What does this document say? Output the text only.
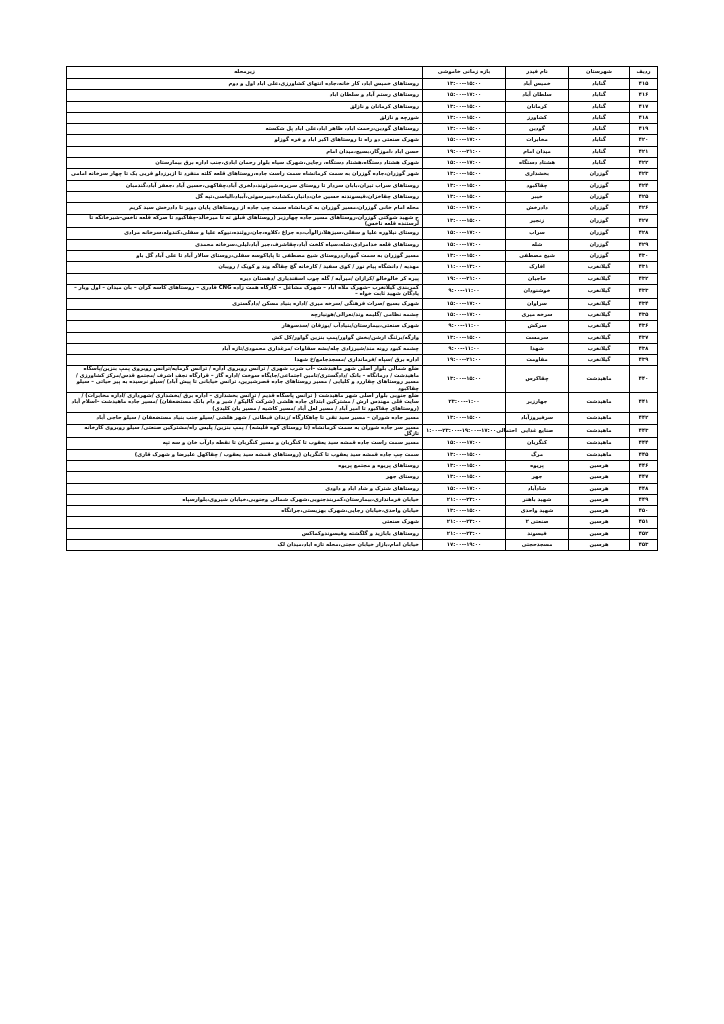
ردیف	شهرستان	نام فیدر	بازه زمانی خاموشی	زیرمحله
۴۱۵	گناباد	خمیس آباد	۱۳:۰۰--۱۵:۰۰	روستاهای خمیس اباد، کار خانه،جاده انتهای کشاورزی،علی اباد اول و دوم
۴۱۶	گناباد	سلطان آباد	۱۵:۰۰--۱۷:۰۰	روستاهای رستم آباد و سلطان اباد
۴۱۷	گناباد	کرمانان	۱۳:۰۰--۱۵:۰۰	روستاهای کرمانان و نازلق
۴۱۸	گناباد	کشاورز	۱۳:۰۰--۱۵:۰۰	شورچه و نازلق
۴۱۹	گناباد	گودین	۱۳:۰۰--۱۵:۰۰	روستاهای گودین،رحمت اباد، ظاهر اباد،علی اباد پل شکسته
۴۲۰	گناباد	مخابرات	۱۵:۰۰--۱۷:۰۰	شهرک صنعتی دو راه تا روستاهای اکبر اباد و فره گوزلو
۴۲۱	گناباد	میدان امام	۱۹:۰۰--۲۱:۰۰	حسن اباد ،اموزگار،بسیج،میدان امام
۴۲۲	گناباد	هشتاد دستگاه	۱۵:۰۰--۱۷:۰۰	شهرک هشتاد دستگاه،هشتاد دستگاه، رجایی،شهرک سیاه بلوار رحمان ابادی،جنب اداره برق بیمارستان
۴۲۳	گوزران	بخشداری	۱۳:۰۰--۱۵:۰۰	شهر گوزران،جاده گوزران به سمت کرمانشاه سمت راست جاده،روستاهای قلعه کلته منفرد تا ازبرزدلو قربی یک تا چهار سرخانه امامی
۴۲۴	گوزران	چقاکبود	۱۳:۰۰--۱۵:۰۰	روستاهای سراب تیران،بابان سردار تا روستای سریره،شیرئوند،دلخری آباد،چقاکهی،حسین آباد ،جعفر آباد،گندمبان
۴۲۵	گوزران	خیبر	۱۳:۰۰--۱۵:۰۰	روستاهای چقاخزان،قیسوندنه حسین خان،دانیار،مکشاد،خیبرسوئی،آبباد،الیاسی،تپه گل
۴۲۶	گوزران	دادرخش	۱۵:۰۰--۱۷:۰۰	محله امام خانی گوزران،مسیر گوزران به کرمانشاه سمت چپ جاده از روستاهای پایان دوپر تا دادرخش سید کریم
۴۲۷	گوزران	زنجیر	۱۳:۰۰--۱۵:۰۰	ج شهید شوکتی گوزران،روستاهای مسیر جاده چهارزبر (روستاهای قبلق ته تا میرخالد-چقاکبود تا صرکه قلعه ناخس-شیرخانگه تا لرستنده قلعه ناخس)
۴۲۸	گوزران	سراب	۱۵:۰۰--۱۷:۰۰	روستای نیلاوره علیا و سفلی،سیزهلا،زالوآب،ده جراغ ،کلاوه،جان،روئنده،نیوکه علیا و سفلی،کندوله،سرخانه مرادی
۴۲۹	گوزران	شله	۱۵:۰۰--۱۷:۰۰	روستاهای قلعه خدامرادی،شله،سیاه کلخت آباد،چقاشرف،جبر آباد،لیلی،سرخانه محمدی
۴۳۰	گوزران	شیخ مصطفی	۱۳:۰۰--۱۵:۰۰	مسیر گوزران به سمت گیوداردروستای شیخ مصطفی تا پایاکوسه سفلی،روستای سالار آباد تا علی آباد گل باو
۴۳۱	گیلانغرب	افارک	۱۱:۰۰--۱۳:۰۰	مهدیه / دانشگاه پیام نور / کوی سفید / کارخانه گچ چقاگه وند و کویک / رویبان
۴۳۲	گیلانغرب	حاجیان	۱۹:۰۰--۲۱:۰۰	پیره کر خالوخالو /کرازان /میرآبه / گله چوب اسفندیاری /دهستان دیره
۴۳۳	گیلانغرب	خوشنودان	۹:۰۰--۱۱:۰۰	کمربندی گیلانغرب –شهرک ملاه آباد – شهرک مشاغل – کارگاه همت زاده CNG قادری – روستاهای کاسه گران – بان میدان – اول وبار – یادگان شهید ثابت خواه –
۴۳۴	گیلانغرب	سراوان	۱۵:۰۰--۱۷:۰۰	شهرک بسیج /صرات فرهنگی /سرخه میری /اداره بنیاد مسکن /دادگستری
۴۳۵	گیلانغرب	سرخه میری	۱۵:۰۰--۱۷:۰۰	چشمه نظامی /گلیمه وند/نعرالی/هونیارچه
۴۳۶	گیلانغرب	سرکش	۹:۰۰--۱۱:۰۰	شهرک صنعتی،بیمارستان/بنیادآب /بوزقان /سدسوهار
۴۳۷	گیلانغرب	سرمست	۱۳:۰۰--۱۵:۰۰	وارگه/برئنگ ارشن/بخش گواور/پمپ بنزین گواور/کل کش
۴۳۸	گیلانغرب	شهدا	۹:۰۰--۱۱:۰۰	چشمه کبود رونه مند/شیرزادی چله/بشه سقاوات /مرغداری محمودی/تازه آباد
۴۳۹	گیلانغرب	مقاومت	۱۹:۰۰--۲۱:۰۰	اداره برق /سپاه /فرمانداری /مسجدجامع/خ شهدا
۴۴۰	ماهیدشت	چقاکرس	۱۳:۰۰--۱۵:۰۰	ضلع شمالی بلوار اصلی شهر ماهیدشت –آب شرب شهری / ترانس روبروی اداره / ترانس گرمایه/ترانس روبروی پمپ بنزین/پاسگاه ماهیدشت / درمانگاه – بانک /دادگستری/تامین اجتماعی/جایگاه سوخت /اداره گاز – قرارگاه نجف اشرف /مجتمع قدس/مرکز کشاورزی / مسیر روستاهای چقاررد و کلیایی / مسیر روستاهای جاده قصرشیرین، ترانس خیابانی تا پیش آباد) /سیلو نرسیده به پیر حیاتی – سیلو چقاکبود
۴۴۱	ماهیدشت	جهارزبر	۲۳:۰۰--۱:۰۰	ضلع جنوبی بلوار اصلی شهر ماهیدشت ( ترانس پاسگاه قدیم / ترانس بخشداری – اداره برق /بخشداری /شهرداری /اداره مخابرات) /سایت قلی مهندس ارش / مشترکین ابتدای جاده هلشی (شرکت گالیکو / شیر و دام بانک مستضعفان) /مسیر جاده ماهیدشت –اسلام آباد (روستاهای چقاکبود تا امیر آباد / مسیر لعل آباد /مسیر کاشیه / مسیر بان کلیدی)
۴۴۲	ماهیدشت	سرفیروزآباد	۱۳:۰۰--۱۵:۰۰	مسیر جاده شوران – مسیر سید نقی تا چاهکارگاه /زندان قبطانی / شهر هلشی /سیلو جنب بنیاد مستضعفان / سیلو حاجی آباد
۴۴۳	ماهیدشت	صنایع غذایی	احتمالی۱۷:۰۰--۱۹:۰۰--۲۳:۰۰--۱:۰۰	مسیر سر جاده شوران به سمت کرمانشاه (تا روستای کوه قلیشه) / پمپ بنزین/ پلیس راه/مشترکین صنعتی/ سیلو روبروی کارخانه تازگل
۴۴۴	ماهیدشت	کنگربان	۱۵:۰۰--۱۷:۰۰	مسیر سمت راست جاده قمشه سید یعقوب تا کنگربان و مسیر کنگربان تا نقطه دارآب خان و سه تپه
۴۴۵	ماهیدشت	مرگ	۱۳:۰۰--۱۵:۰۰	سمت چپ جاده قمشه سید یعقوب تا کنگربان (روستاهای قمشه سید یعقوب / چقاکهل علیرضا و شهرک قاری)
۴۴۶	هرسین	پریوه	۱۳:۰۰--۱۵:۰۰	روستاهای پریوه و مجتمع پریوه
۴۴۷	هرسین	جهر	۱۳:۰۰--۱۵:۰۰	روستای جهر
۴۴۸	هرسین	شادآباد	۱۵:۰۰--۱۷:۰۰	روستاهای شترک و شاد اباد و داودی
۴۴۹	هرسین	شهید باهنر	۲۱:۰۰--۲۳:۰۰	خیابان فرمانداری،بیمارستان،کمربندجنوبی،شهرک شمالی وجنوبی،خیابان شیروی،بلوارسپاه
۴۵۰	هرسین	شهید واحدی	۱۳:۰۰--۱۵:۰۰	خیابان واحدی،خیابان رجایی،شهرک بهزیستی،جرانگاه
۴۵۱	هرسین	صنعتی ۲	۲۱:۰۰--۲۳:۰۰	شهرک صنعتی
۴۵۲	هرسین	فیسوند	۲۱:۰۰--۲۳:۰۰	روستاهای بابازید و گلگشته وفیسوندوکماکس
۴۵۳	هرسین	مسجدحجتی	۱۷:۰۰--۱۹:۰۰	خیابان امام،بازار خیابان حجتی،محله تازه اباد،میدان لک
